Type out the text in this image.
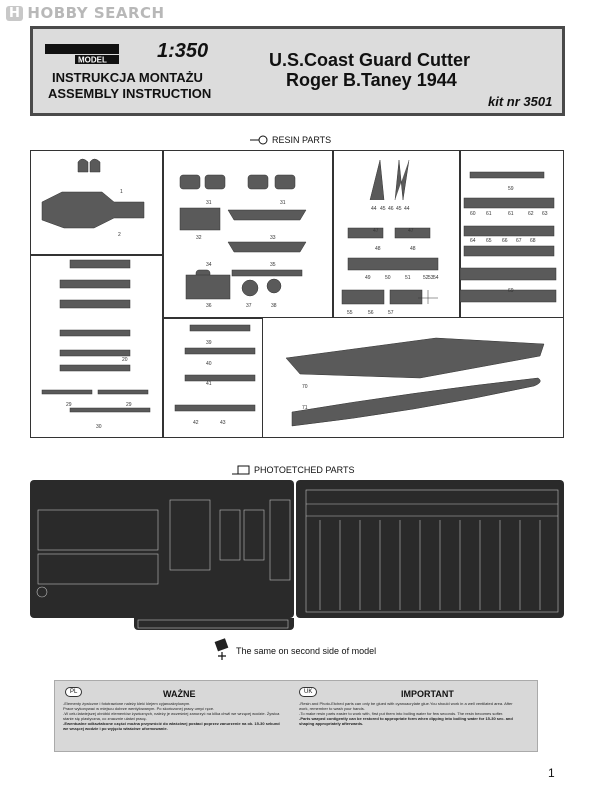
H HOBBY SEARCH
MODEL	1:350
INSTRUKCJA MONTAŻU
ASSEMBLY INSTRUCTION
U.S.Coast Guard Cutter
Roger B.Taney 1944
kit nr 3501
RESIN PARTS
PHOTOETCHED PARTS
The same on second side of model
PL	WAŻNE
-Elementy żywiczne i fototrawione należy kleić klejem cyjanoakrylowym.
Prace wykonywać w miejscu dobrze wentylowanym. Po skończonej pracy umyć ręce.
-W celu łatwiejszej obróbki elementów żywicznych, należy je wcześniej zanurzyć na kilka chwil we wrzącej wodzie. Żywica stanie się plastyczna, co znacznie ułatwi pracę.
-Ewentualne odkształcone części można przywrócić do właściwej postaci poprzez zanurzenie na ok. 15-30 sekund we wrzącej wodzie i po wyjęciu właściwe uformowanie.
UK	IMPORTANT
-Resin and Photo-Etched parts can only be glued with cyanoacrylate glue.You should work in a well ventilated area. After work, remember to wash your hands.
-To make resin parts easier to work with, first put them into boiling water for few seconds. The resin becomes softer.
-Parts warped contigently can be restored to appropriate form when dipping into boiling water for 15-30 sec. and shaping appropriately afterwards.
1
1
2
31	31
32	33
34	35
36	37	38
44 45 46 45 44
47	47
48	48
49	50	51 52 53 54
55	56	57
59
60 61	61	62 63
64 65 66 67 68
69
70
71
39
40
41
42	43
20
29	29
30
